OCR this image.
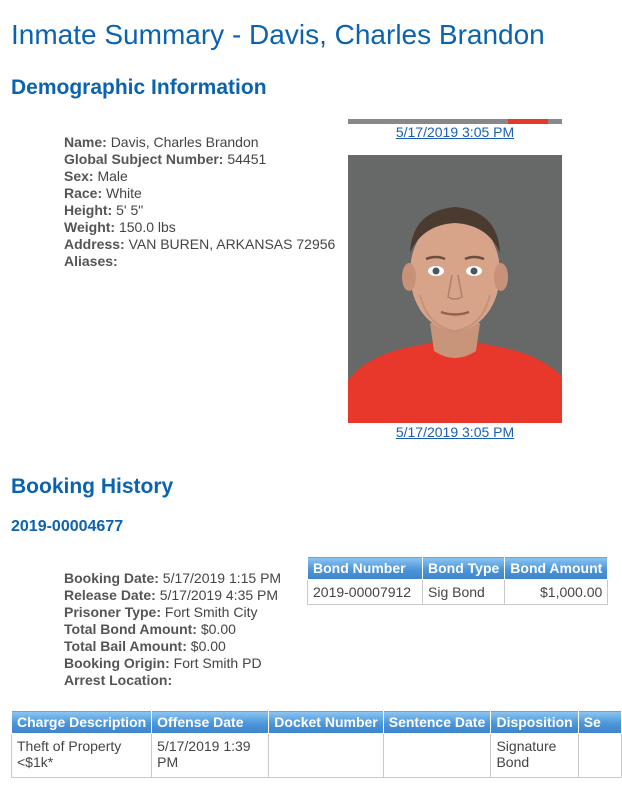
Inmate Summary - Davis, Charles Brandon
Demographic Information
Name: Davis, Charles Brandon
Global Subject Number: 54451
Sex: Male
Race: White
Height: 5' 5"
Weight: 150.0 lbs
Address: VAN BUREN, ARKANSAS 72956
Aliases:
5/17/2019 3:05 PM
5/17/2019 3:05 PM
Booking History
2019-00004677
Booking Date: 5/17/2019 1:15 PM
Release Date: 5/17/2019 4:35 PM
Prisoner Type: Fort Smith City
Total Bond Amount: $0.00
Total Bail Amount: $0.00
Booking Origin: Fort Smith PD
Arrest Location:
Bond Number	Bond Type	Bond Amount
2019-00007912	Sig Bond	$1,000.00
Charge Description	Offense Date	Docket Number	Sentence Date	Disposition	Se
Theft of Property <$1k*	5/17/2019 1:39 PM			Signature Bond	
